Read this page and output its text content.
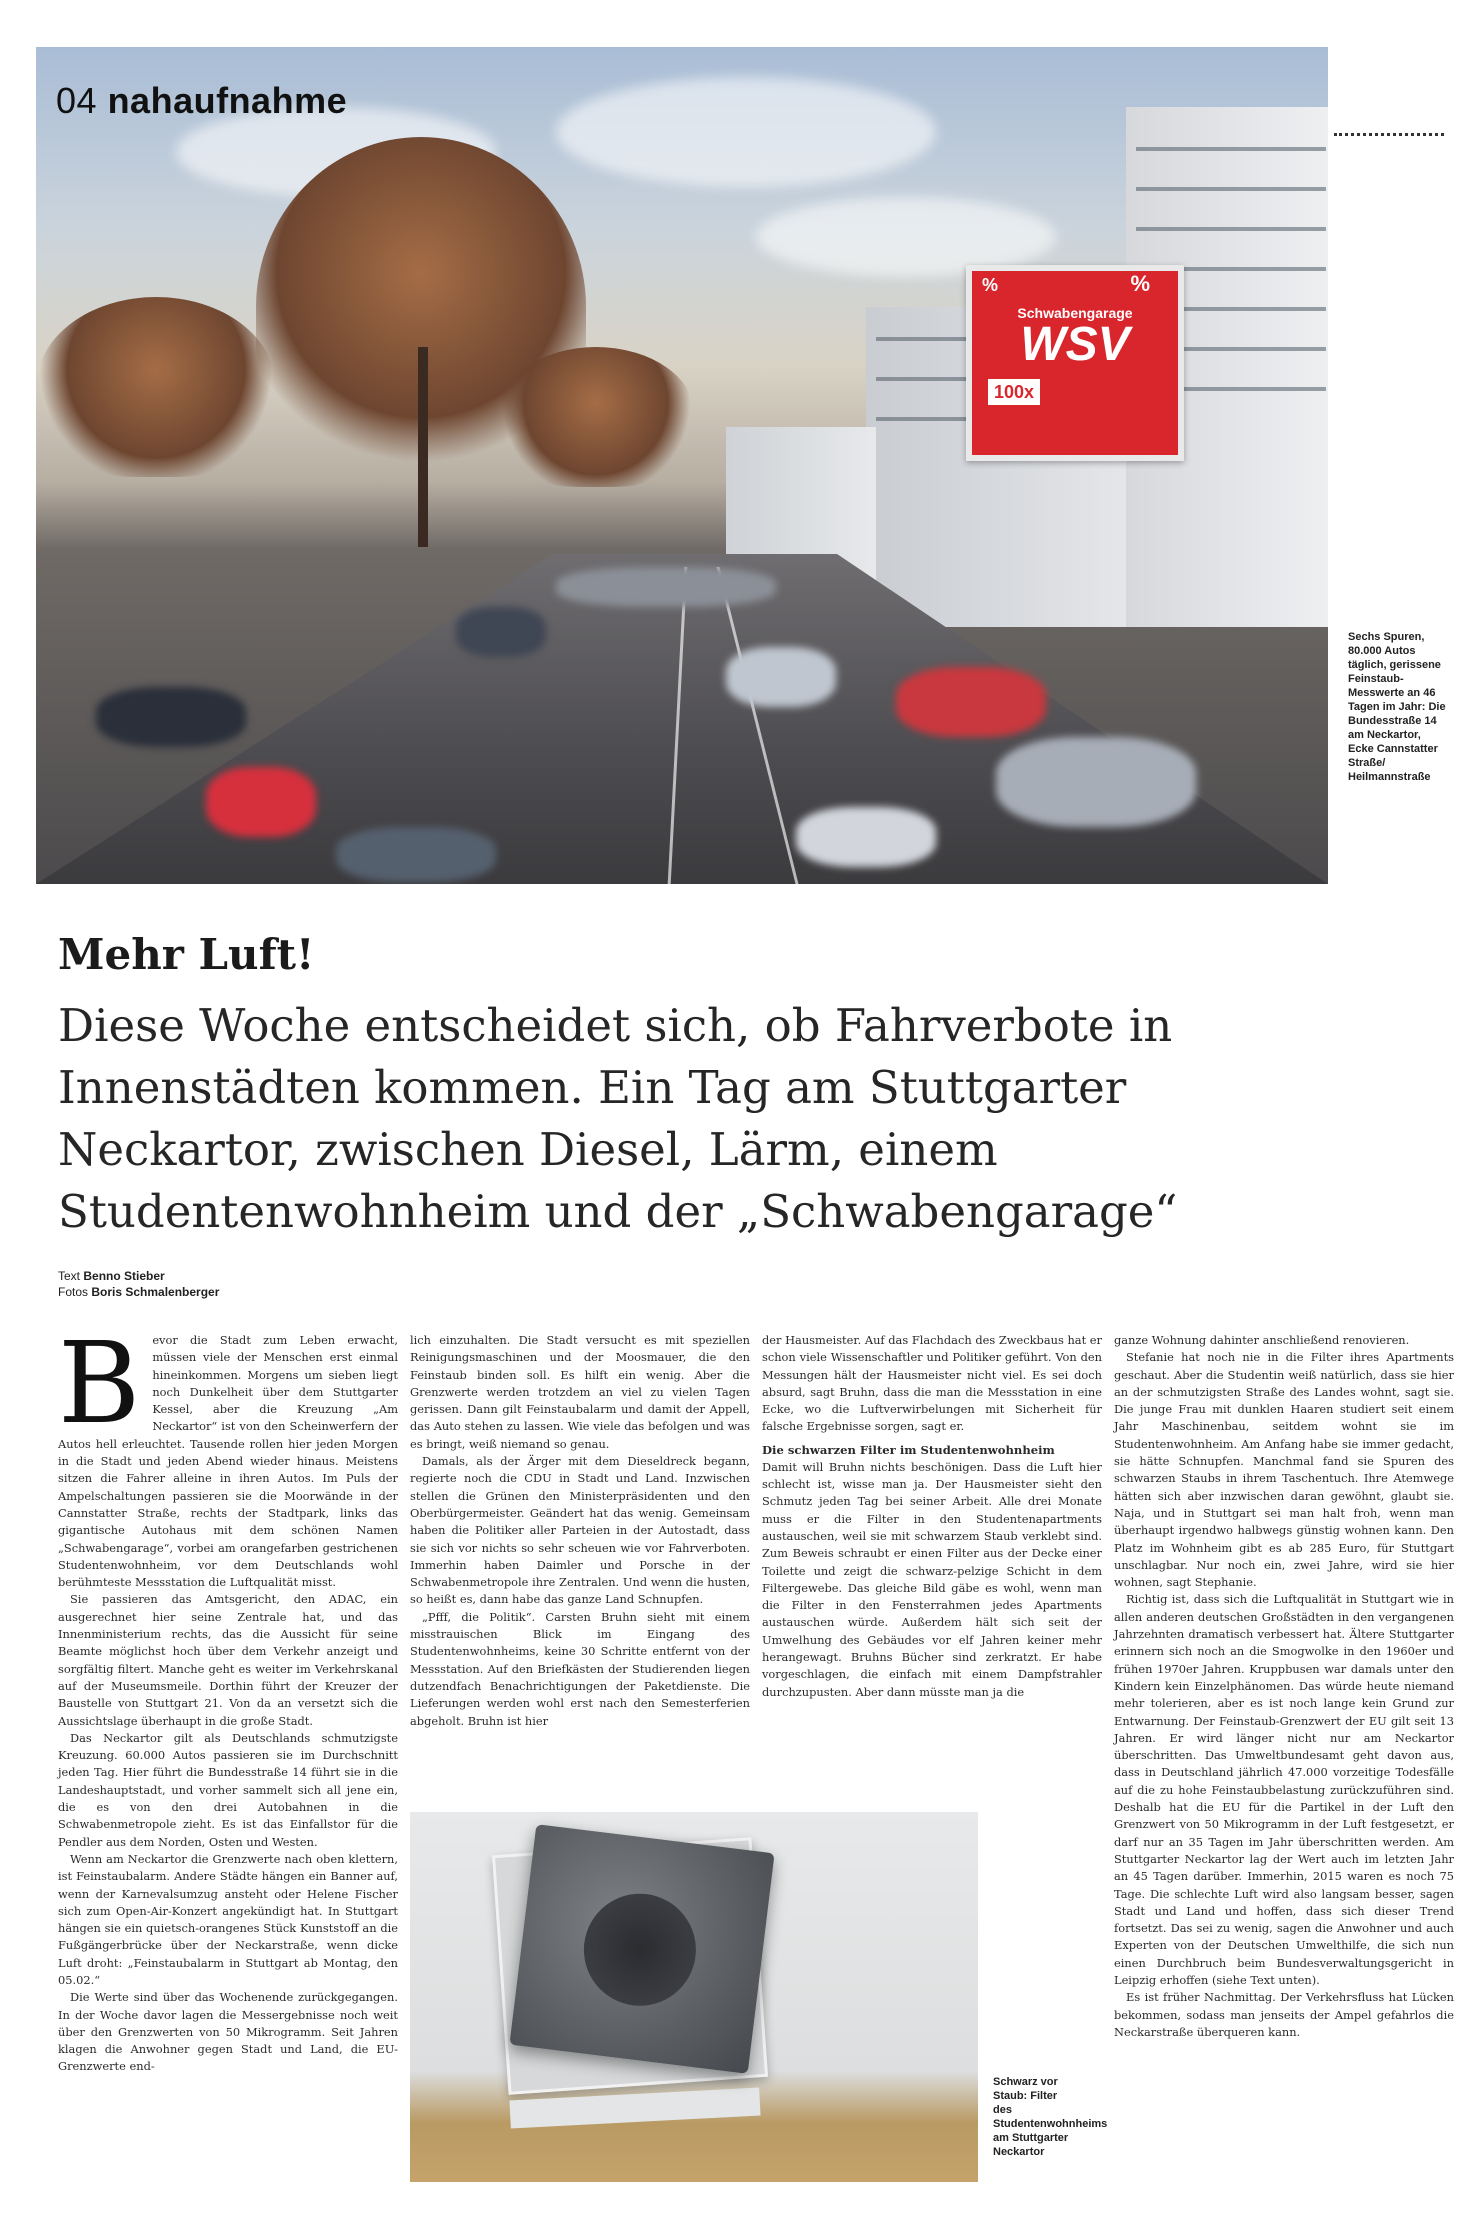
%	%
Schwabengarage
WSV
100x
04 nahaufnahme
Sechs Spuren, 80.000 Autos täglich, gerissene Feinstaub-Messwerte an 46 Tagen im Jahr: Die Bundesstraße 14 am Neckartor, Ecke Cannstatter Straße/ Heilmannstraße
Mehr Luft!
Diese Woche entscheidet sich, ob Fahrverbote in Innenstädten kommen. Ein Tag am Stuttgarter Neckartor, zwischen Diesel, Lärm, einem Studentenwohnheim und der „Schwabengarage“
Text Benno Stieber
Fotos Boris Schmalenberger
B	evor die Stadt zum Leben erwacht, müssen viele der Menschen erst einmal hineinkommen. Morgens um sieben liegt noch Dunkelheit über dem Stuttgarter Kessel, aber die Kreuzung „Am Neckartor“ ist von den Scheinwerfern der Autos hell erleuchtet. Tausende rollen hier jeden Morgen in die Stadt und jeden Abend wieder hinaus. Meistens sitzen die Fahrer alleine in ihren Autos. Im Puls der Ampelschaltungen passieren sie die Moorwände in der Cannstatter Straße, rechts der Stadtpark, links das gigantische Autohaus mit dem schönen Namen „Schwabengarage“, vorbei am orangefarben gestrichenen Studentenwohnheim, vor dem Deutschlands wohl berühmteste Messstation die Luftqualität misst.

Sie passieren das Amtsgericht, den ADAC, ein ausgerechnet hier seine Zentrale hat, und das Innenministerium rechts, das die Aussicht für seine Beamte möglichst hoch über dem Verkehr anzeigt und sorgfältig filtert. Manche geht es weiter im Verkehrskanal auf der Museumsmeile. Dorthin führt der Kreuzer der Baustelle von Stuttgart 21. Von da an versetzt sich die Aussichtslage überhaupt in die große Stadt.

Das Neckartor gilt als Deutschlands schmutzigste Kreuzung. 60.000 Autos passieren sie im Durchschnitt jeden Tag. Hier führt die Bundesstraße 14 führt sie in die Landeshauptstadt, und vorher sammelt sich all jene ein, die es von den drei Autobahnen in die Schwabenmetropole zieht. Es ist das Einfallstor für die Pendler aus dem Norden, Osten und Westen.

Wenn am Neckartor die Grenzwerte nach oben klettern, ist Feinstaubalarm. Andere Städte hängen ein Banner auf, wenn der Karnevalsumzug ansteht oder Helene Fischer sich zum Open-Air-Konzert angekündigt hat. In Stuttgart hängen sie ein quietsch-orangenes Stück Kunststoff an die Fußgängerbrücke über der Neckarstraße, wenn dicke Luft droht: „Feinstaubalarm in Stuttgart ab Montag, den 05.02.“

Die Werte sind über das Wochenende zurückgegangen. In der Woche davor lagen die Messergebnisse noch weit über den Grenzwerten von 50 Mikrogramm. Seit Jahren klagen die Anwohner gegen Stadt und Land, die EU-Grenzwerte end-

lich einzuhalten. Die Stadt versucht es mit speziellen Reinigungsmaschinen und der Moosmauer, die den Feinstaub binden soll. Es hilft ein wenig. Aber die Grenzwerte werden trotzdem an viel zu vielen Tagen gerissen. Dann gilt Feinstaubalarm und damit der Appell, das Auto stehen zu lassen. Wie viele das befolgen und was es bringt, weiß niemand so genau.

Damals, als der Ärger mit dem Dieseldreck begann, regierte noch die CDU in Stadt und Land. Inzwischen stellen die Grünen den Ministerpräsidenten und den Oberbürgermeister. Geändert hat das wenig. Gemeinsam haben die Politiker aller Parteien in der Autostadt, dass sie sich vor nichts so sehr scheuen wie vor Fahrverboten. Immerhin haben Daimler und Porsche in der Schwabenmetropole ihre Zentralen. Und wenn die husten, so heißt es, dann habe das ganze Land Schnupfen.

„Pfff, die Politik“. Carsten Bruhn sieht mit einem misstrauischen Blick im Eingang des Studentenwohnheims, keine 30 Schritte entfernt von der Messstation. Auf den Briefkästen der Studierenden liegen dutzendfach Benachrichtigungen der Paketdienste. Die Lieferungen werden wohl erst nach den Semesterferien abgeholt. Bruhn ist hier

der Hausmeister. Auf das Flachdach des Zweckbaus hat er schon viele Wissenschaftler und Politiker geführt. Von den Messungen hält der Hausmeister nicht viel. Es sei doch absurd, sagt Bruhn, dass die man die Messstation in eine Ecke, wo die Luftverwirbelungen mit Sicherheit für falsche Ergebnisse sorgen, sagt er.

Die schwarzen Filter im Studentenwohnheim

Damit will Bruhn nichts beschönigen. Dass die Luft hier schlecht ist, wisse man ja. Der Hausmeister sieht den Schmutz jeden Tag bei seiner Arbeit. Alle drei Monate muss er die Filter in den Studentenapartments austauschen, weil sie mit schwarzem Staub verklebt sind. Zum Beweis schraubt er einen Filter aus der Decke einer Toilette und zeigt die schwarz-pelzige Schicht in dem Filtergewebe. Das gleiche Bild gäbe es wohl, wenn man die Filter in den Fensterrahmen jedes Apartments austauschen würde. Außerdem hält sich seit der Umwelhung des Gebäudes vor elf Jahren keiner mehr herangewagt. Bruhns Bücher sind zerkratzt. Er habe vorgeschlagen, die einfach mit einem Dampfstrahler durchzupusten. Aber dann müsste man ja die

ganze Wohnung dahinter anschließend renovieren.

Stefanie hat noch nie in die Filter ihres Apartments geschaut. Aber die Studentin weiß natürlich, dass sie hier an der schmutzigsten Straße des Landes wohnt, sagt sie. Die junge Frau mit dunklen Haaren studiert seit einem Jahr Maschinenbau, seitdem wohnt sie im Studentenwohnheim. Am Anfang habe sie immer gedacht, sie hätte Schnupfen. Manchmal fand sie Spuren des schwarzen Staubs in ihrem Taschentuch. Ihre Atemwege hätten sich aber inzwischen daran gewöhnt, glaubt sie. Naja, und in Stuttgart sei man halt froh, wenn man überhaupt irgendwo halbwegs günstig wohnen kann. Den Platz im Wohnheim gibt es ab 285 Euro, für Stuttgart unschlagbar. Nur noch ein, zwei Jahre, wird sie hier wohnen, sagt Stephanie.

Richtig ist, dass sich die Luftqualität in Stuttgart wie in allen anderen deutschen Großstädten in den vergangenen Jahrzehnten dramatisch verbessert hat. Ältere Stuttgarter erinnern sich noch an die Smogwolke in den 1960er und frühen 1970er Jahren. Kruppbusen war damals unter den Kindern kein Einzelphänomen. Das würde heute niemand mehr tolerieren, aber es ist noch lange kein Grund zur Entwarnung. Der Feinstaub-Grenzwert der EU gilt seit 13 Jahren. Er wird länger nicht nur am Neckartor überschritten. Das Umweltbundesamt geht davon aus, dass in Deutschland jährlich 47.000 vorzeitige Todesfälle auf die zu hohe Feinstaubbelastung zurückzuführen sind. Deshalb hat die EU für die Partikel in der Luft den Grenzwert von 50 Mikrogramm in der Luft festgesetzt, er darf nur an 35 Tagen im Jahr überschritten werden. Am Stuttgarter Neckartor lag der Wert auch im letzten Jahr an 45 Tagen darüber. Immerhin, 2015 waren es noch 75 Tage. Die schlechte Luft wird also langsam besser, sagen Stadt und Land und hoffen, dass sich dieser Trend fortsetzt. Das sei zu wenig, sagen die Anwohner und auch Experten von der Deutschen Umwelthilfe, die sich nun einen Durchbruch beim Bundesverwaltungsgericht in Leipzig erhoffen (siehe Text unten).

Es ist früher Nachmittag. Der Verkehrsfluss hat Lücken bekommen, sodass man jenseits der Ampel gefahrlos die Neckarstraße überqueren kann.

Schwarz vor Staub: Filter des Studentenwohnheims am Stuttgarter Neckartor
